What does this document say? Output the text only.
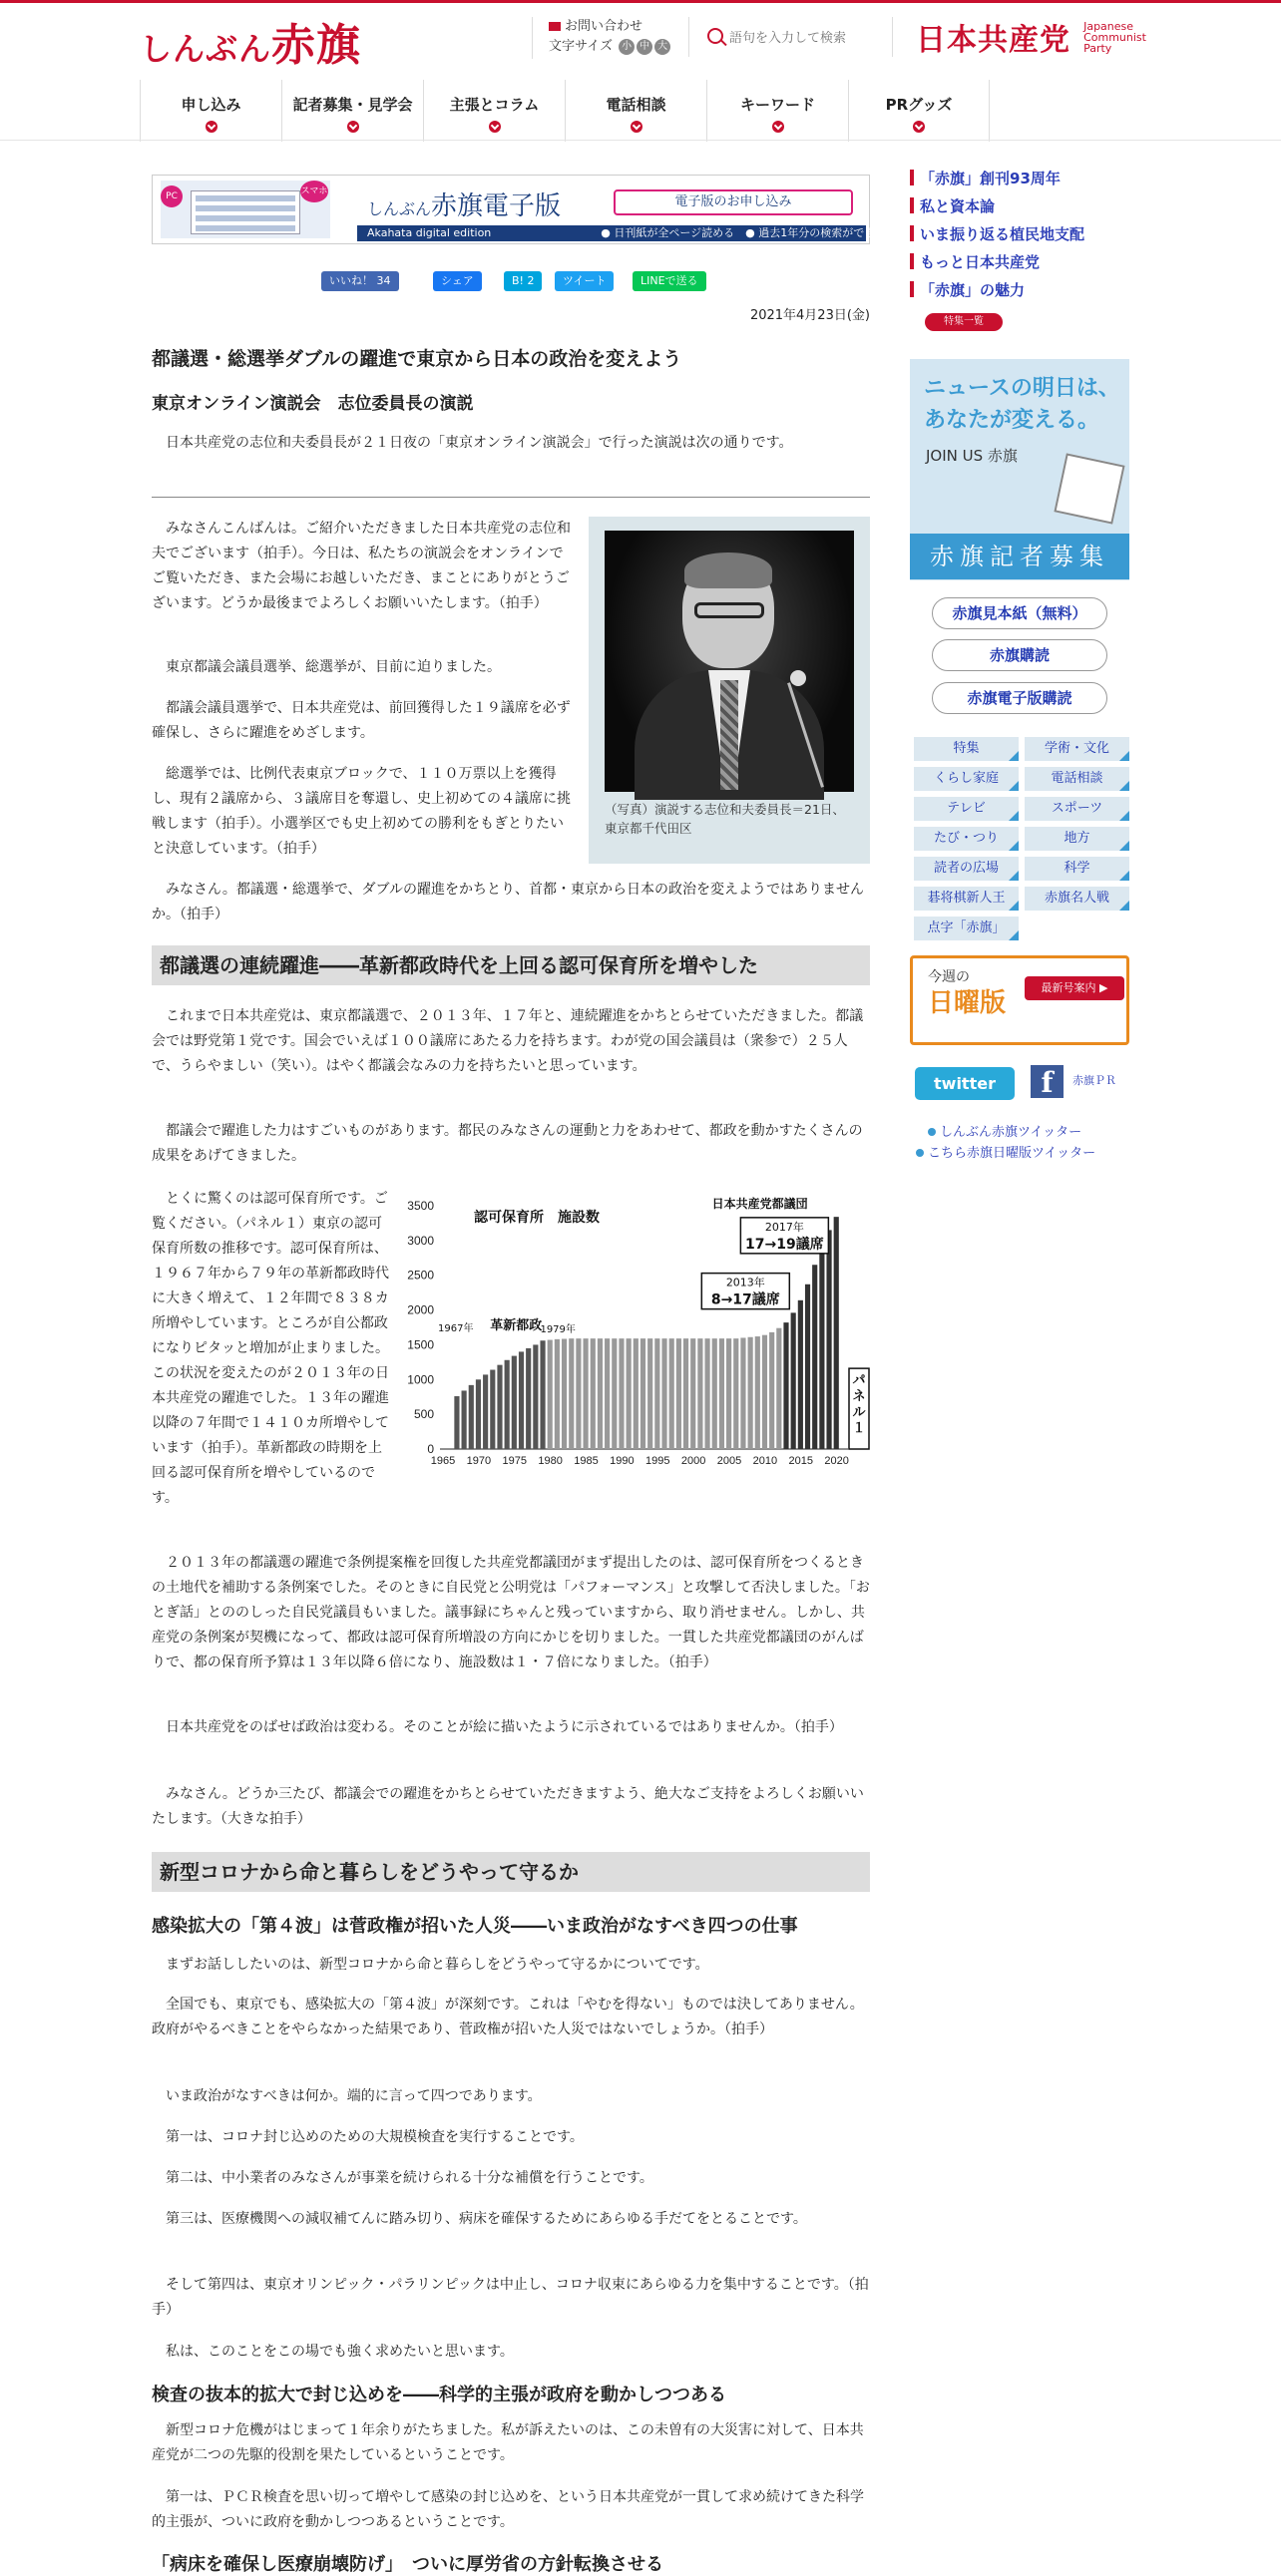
しんぶん赤旗	お問い合わせ
文字サイズ 小 中 大
語句を入力して検索	日本共産党 Japanese
Communist
Party
申し込み	記者募集・見学会	主張とコラム	電話相談	キーワード	PRグッズ
PC	スマホ
しんぶん赤旗電子版	電子版のお申し込み
Akahata digital edition　　　　　　　　　　	● 日刊紙が全ページ読める　● 過去1年分の検索ができる
いいね！ 34	シェア	B! 2	ツイート	LINEで送る
2021年4月23日(金)
都議選・総選挙ダブルの躍進で東京から日本の政治を変えよう
東京オンライン演説会　志位委員長の演説
　日本共産党の志位和夫委員長が２１日夜の「東京オンライン演説会」で行った演説は次の通りです。
　みなさんこんばんは。ご紹介いただきました日本共産党の志位和夫でございます（拍手）。今日は、私たちの演説会をオンラインでご覧いただき、また会場にお越しいただき、まことにありがとうございます。どうか最後までよろしくお願いいたします。（拍手）
　東京都議会議員選挙、総選挙が、目前に迫りました。
　都議会議員選挙で、日本共産党は、前回獲得した１９議席を必ず確保し、さらに躍進をめざします。
　総選挙では、比例代表東京ブロックで、１１０万票以上を獲得し、現有２議席から、３議席目を奪還し、史上初めての４議席に挑戦します（拍手）。小選挙区でも史上初めての勝利をもぎとりたいと決意しています。（拍手）
（写真）演説する志位和夫委員長＝21日、東京都千代田区
　みなさん。都議選・総選挙で、ダブルの躍進をかちとり、首都・東京から日本の政治を変えようではありませんか。（拍手）
都議選の連続躍進――革新都政時代を上回る認可保育所を増やした
　これまで日本共産党は、東京都議選で、２０１３年、１７年と、連続躍進をかちとらせていただきました。都議会では野党第１党です。国会でいえば１００議席にあたる力を持ちます。わが党の国会議員は（衆参で）２５人で、うらやましい（笑い）。はやく都議会なみの力を持ちたいと思っています。
　都議会で躍進した力はすごいものがあります。都民のみなさんの運動と力をあわせて、都政を動かすたくさんの成果をあげてきました。
　とくに驚くのは認可保育所です。ご覧ください。（パネル１）東京の認可保育所数の推移です。認可保育所は、１９６７年から７９年の革新都政時代に大きく増えて、１２年間で８３８カ所増やしています。ところが自公都政になりピタッと増加が止まりました。この状況を変えたのが２０１３年の日本共産党の躍進でした。１３年の躍進以降の７年間で１４１０カ所増やしています（拍手）。革新都政の時期を上回る認可保育所を増やしているのです。
0
500
1000
1500
2000
2500
3000
3500
1965 1970 1975 1980 1985 1990 1995 2000 2005 2010 2015 2020
認可保育所　施設数
1967年 革新都政
1979年
日本共産党都議団
2017年
17→19議席
2013年
8→17議席
パ
ネ
ル
１
　２０１３年の都議選の躍進で条例提案権を回復した共産党都議団がまず提出したのは、認可保育所をつくるときの土地代を補助する条例案でした。そのときに自民党と公明党は「パフォーマンス」と攻撃して否決しました。「おとぎ話」とののしった自民党議員もいました。議事録にちゃんと残っていますから、取り消せません。しかし、共産党の条例案が契機になって、都政は認可保育所増設の方向にかじを切りました。一貫した共産党都議団のがんばりで、都の保育所予算は１３年以降６倍になり、施設数は１・７倍になりました。（拍手）
　日本共産党をのばせば政治は変わる。そのことが絵に描いたように示されているではありませんか。（拍手）
　みなさん。どうか三たび、都議会での躍進をかちとらせていただきますよう、絶大なご支持をよろしくお願いいたします。（大きな拍手）
新型コロナから命と暮らしをどうやって守るか
感染拡大の「第４波」は菅政権が招いた人災――いま政治がなすべき四つの仕事
　まずお話ししたいのは、新型コロナから命と暮らしをどうやって守るかについてです。
　全国でも、東京でも、感染拡大の「第４波」が深刻です。これは「やむを得ない」ものでは決してありません。政府がやるべきことをやらなかった結果であり、菅政権が招いた人災ではないでしょうか。（拍手）
　いま政治がなすべきは何か。端的に言って四つであります。
　第一は、コロナ封じ込めのための大規模検査を実行することです。
　第二は、中小業者のみなさんが事業を続けられる十分な補償を行うことです。
　第三は、医療機関への減収補てんに踏み切り、病床を確保するためにあらゆる手だてをとることです。
　そして第四は、東京オリンピック・パラリンピックは中止し、コロナ収束にあらゆる力を集中することです。（拍手）
　私は、このことをこの場でも強く求めたいと思います。
検査の抜本的拡大で封じ込めを――科学的主張が政府を動かしつつある
　新型コロナ危機がはじまって１年余りがたちました。私が訴えたいのは、この未曽有の大災害に対して、日本共産党が二つの先駆的役割を果たしているということです。
　第一は、ＰＣＲ検査を思い切って増やして感染の封じ込めを、という日本共産党が一貫して求め続けてきた科学的主張が、ついに政府を動かしつつあるということです。
「病床を確保し医療崩壊防げ」　ついに厚労省の方針転換させる
「赤旗」創刊93周年
私と資本論
いま振り返る植民地支配
もっと日本共産党
「赤旗」の魅力
特集一覧
ニュースの明日は、
あなたが変える。
JOIN US 赤旗
赤旗記者募集
赤旗見本紙（無料）
赤旗購読
赤旗電子版購読
特集	学術・文化
くらし家庭	電話相談
テレビ	スポーツ
たび・つり	地方
読者の広場	科学
碁将棋新人王	赤旗名人戦
点字「赤旗」
今週の
日曜版
最新号案内 ▶
twitter	f	赤旗ＰＲ
しんぶん赤旗ツイッター
こちら赤旗日曜版ツイッター
